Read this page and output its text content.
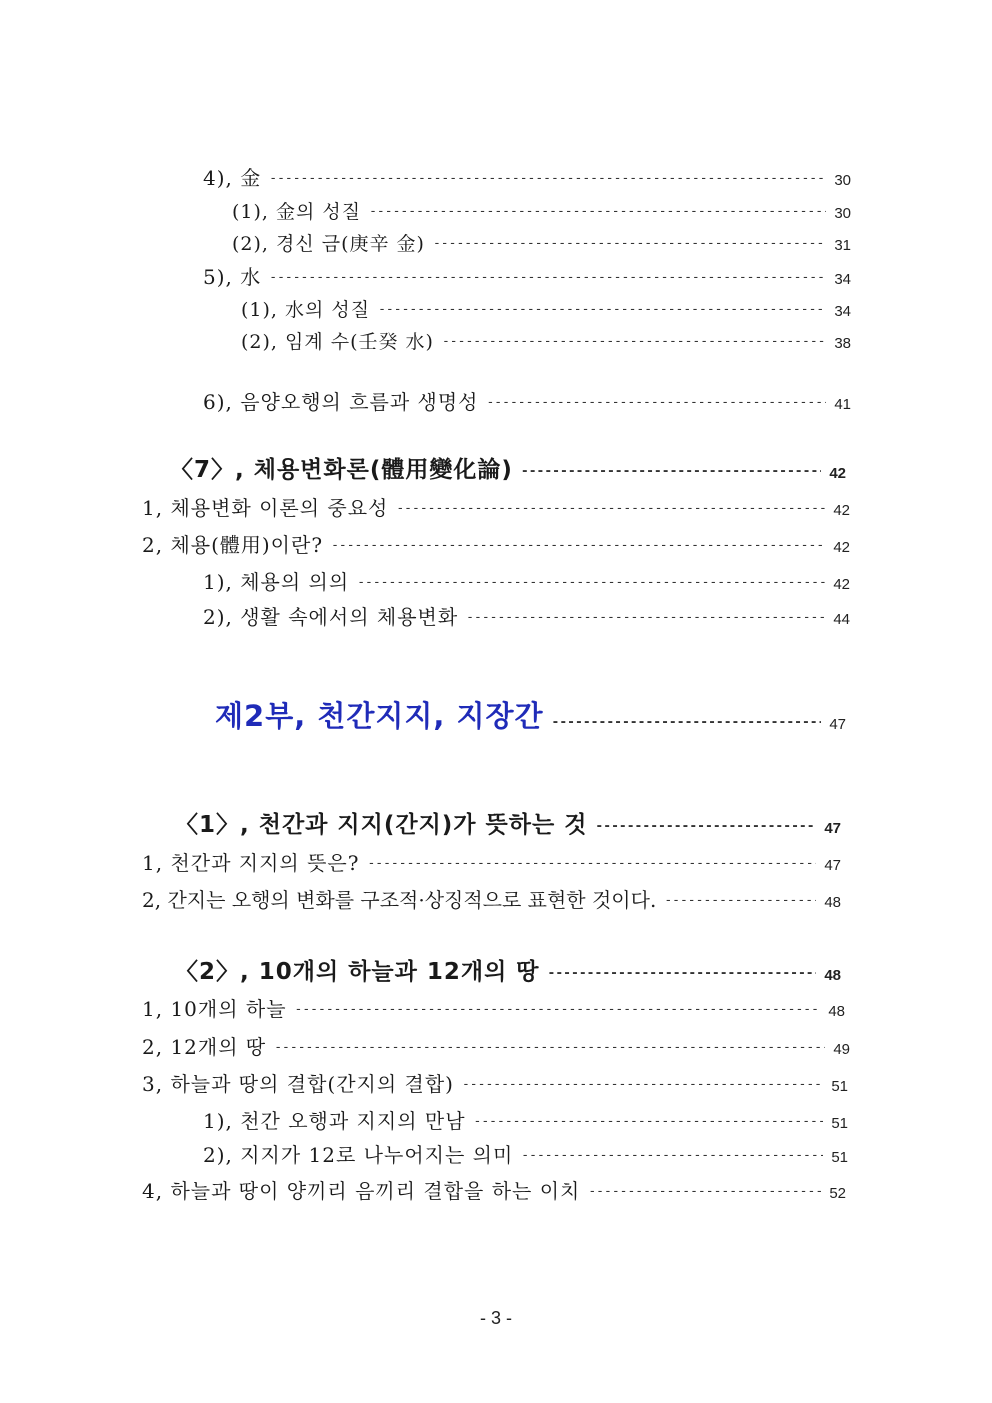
4), 金 -----	30
(1), 金의 성질 -----	30
(2), 경신 금(庚辛 金) -----	31
5), 水 -----	34
(1), 水의 성질 -----	34
(2), 임계 수(壬癸 水) -----	38
6), 음양오행의 흐름과 생명성 -----	41
〈7〉, 체용변화론(體用變化論) -----	42
1, 체용변화 이론의 중요성 -----	42
2, 체용(體用)이란? -----	42
1), 체용의 의의 -----	42
2), 생활 속에서의 체용변화 -----	44
제2부, 천간지지, 지장간 -----	47
〈1〉, 천간과 지지(간지)가 뜻하는 것 -----	47
1, 천간과 지지의 뜻은? -----	47
2, 간지는 오행의 변화를 구조적·상징적으로 표현한 것이다. -----	48
〈2〉, 10개의 하늘과 12개의 땅 -----	48
1, 10개의 하늘 -----	48
2, 12개의 땅 -----	49
3, 하늘과 땅의 결합(간지의 결합) -----	51
1), 천간 오행과 지지의 만남 -----	51
2), 지지가 12로 나누어지는 의미 -----	51
4, 하늘과 땅이 양끼리 음끼리 결합을 하는 이치 -----	52
- 3 -
